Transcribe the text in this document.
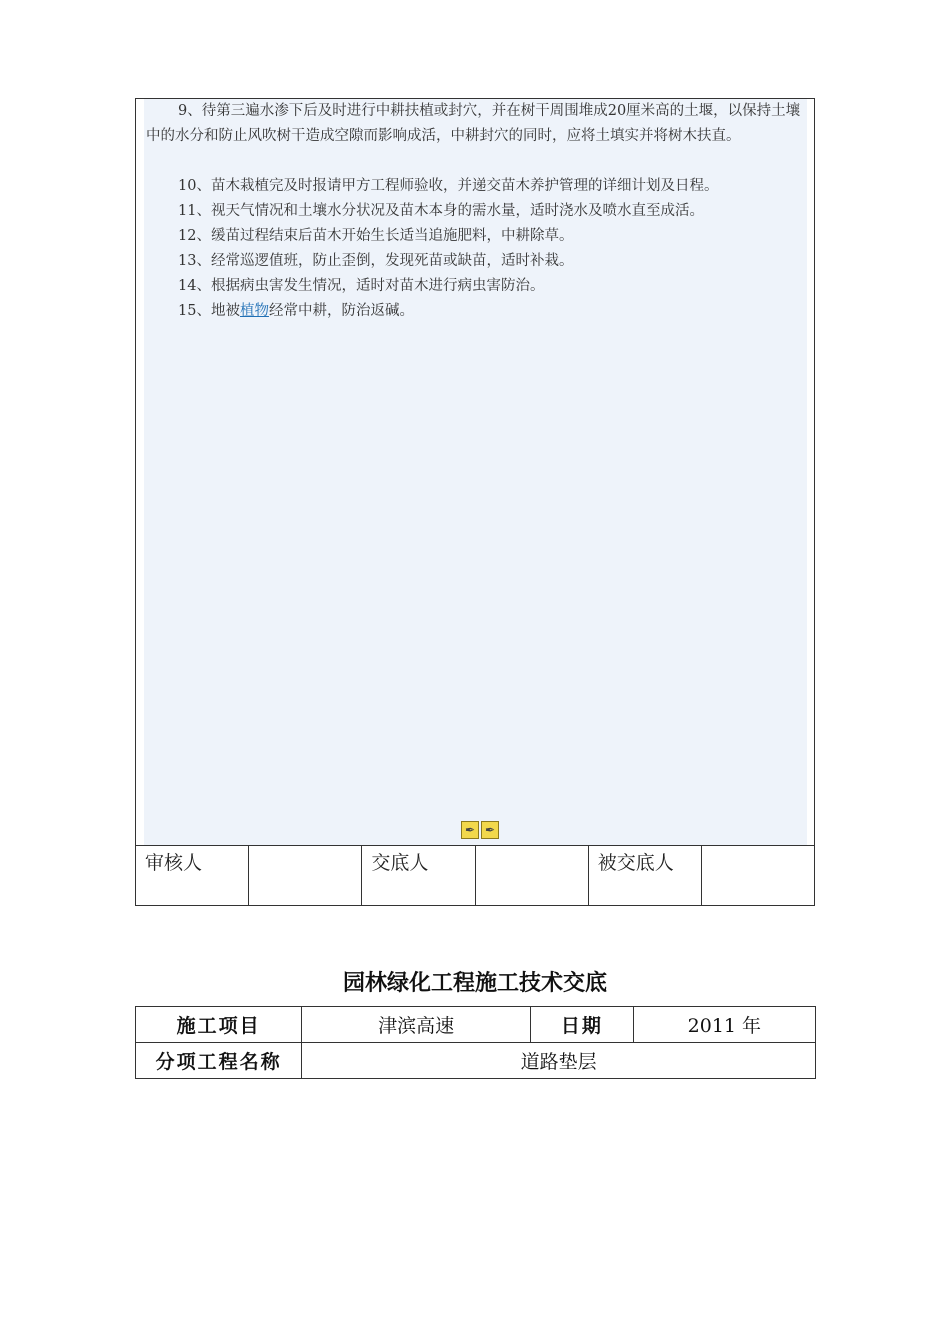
9、待第三遍水渗下后及时进行中耕扶植或封穴，并在树干周围堆成20厘米高的土堰，以保持土壤中的水分和防止风吹树干造成空隙而影响成活，中耕封穴的同时，应将土填实并将树木扶直。
10、苗木栽植完及时报请甲方工程师验收，并递交苗木养护管理的详细计划及日程。
11、视天气情况和土壤水分状况及苗木本身的需水量，适时浇水及喷水直至成活。
12、缓苗过程结束后苗木开始生长适当追施肥料，中耕除草。
13、经常巡逻值班，防止歪倒，发现死苗或缺苗，适时补栽。
14、根据病虫害发生情况，适时对苗木进行病虫害防治。
15、地被植物经常中耕，防治返碱。
✒ ✒
审核人	交底人	被交底人
园林绿化工程施工技术交底
施工项目	津滨高速	日期	2011 年
分项工程名称	道路垫层		
